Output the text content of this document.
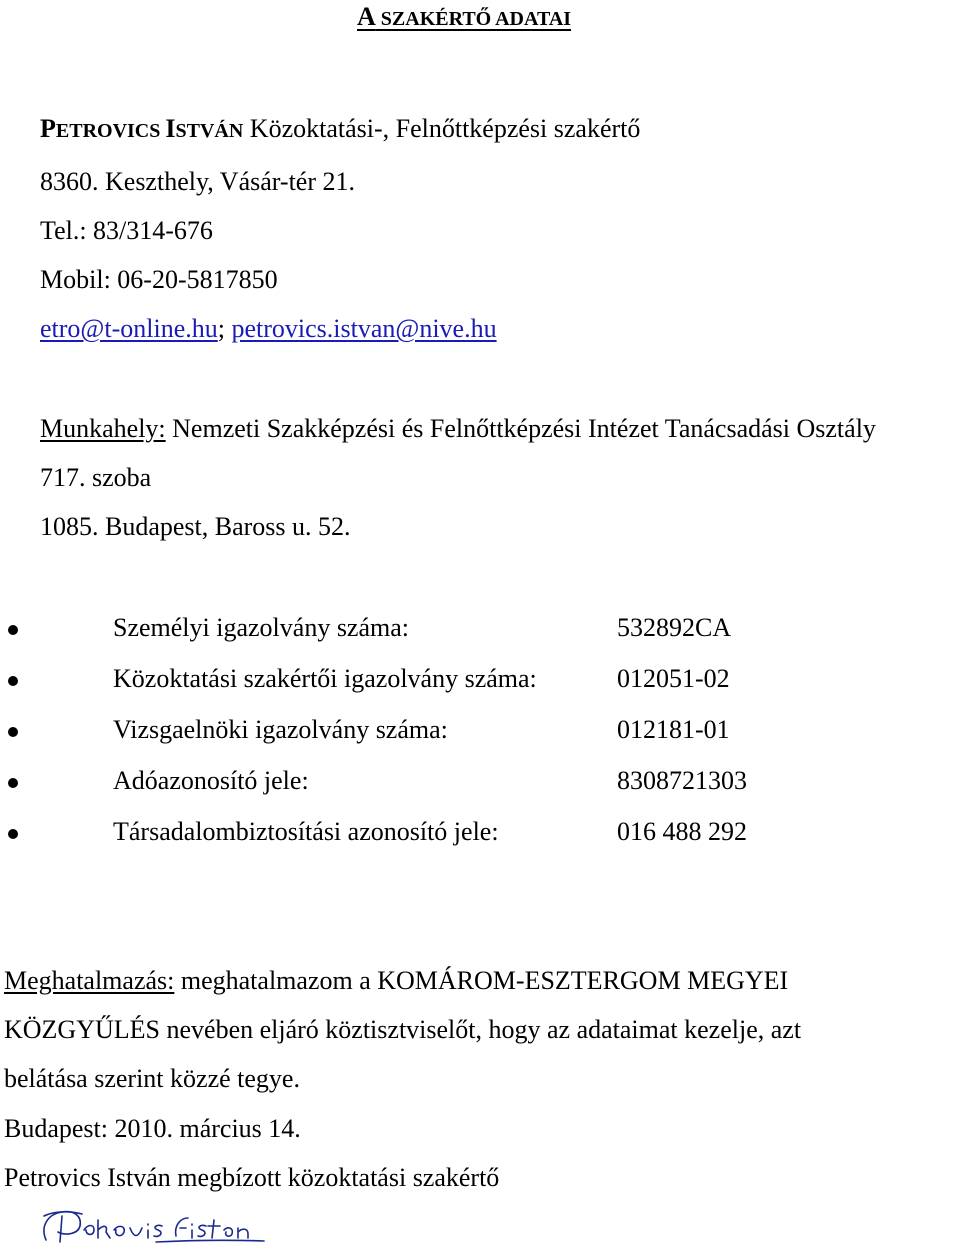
A SZAKÉRTŐ ADATAI
PETROVICS ISTVÁN Közoktatási-, Felnőttképzési szakértő
8360. Keszthely, Vásár-tér 21.
Tel.: 83/314-676
Mobil: 06-20-5817850
etro@t-online.hu; petrovics.istvan@nive.hu
Munkahely: Nemzeti Szakképzési és Felnőttképzési Intézet Tanácsadási Osztály
717. szoba
1085. Budapest, Baross u. 52.
Személyi igazolvány száma:	532892CA
Közoktatási szakértői igazolvány száma:	012051-02
Vizsgaelnöki igazolvány száma:	012181-01
Adóazonosító jele:	8308721303
Társadalombiztosítási azonosító jele:	016 488 292
Meghatalmazás: meghatalmazom a KOMÁROM-ESZTERGOM MEGYEI
KÖZGYŰLÉS nevében eljáró köztisztviselőt, hogy az adataimat kezelje, azt
belátása szerint közzé tegye.
Budapest: 2010. március 14.
Petrovics István megbízott közoktatási szakértő
